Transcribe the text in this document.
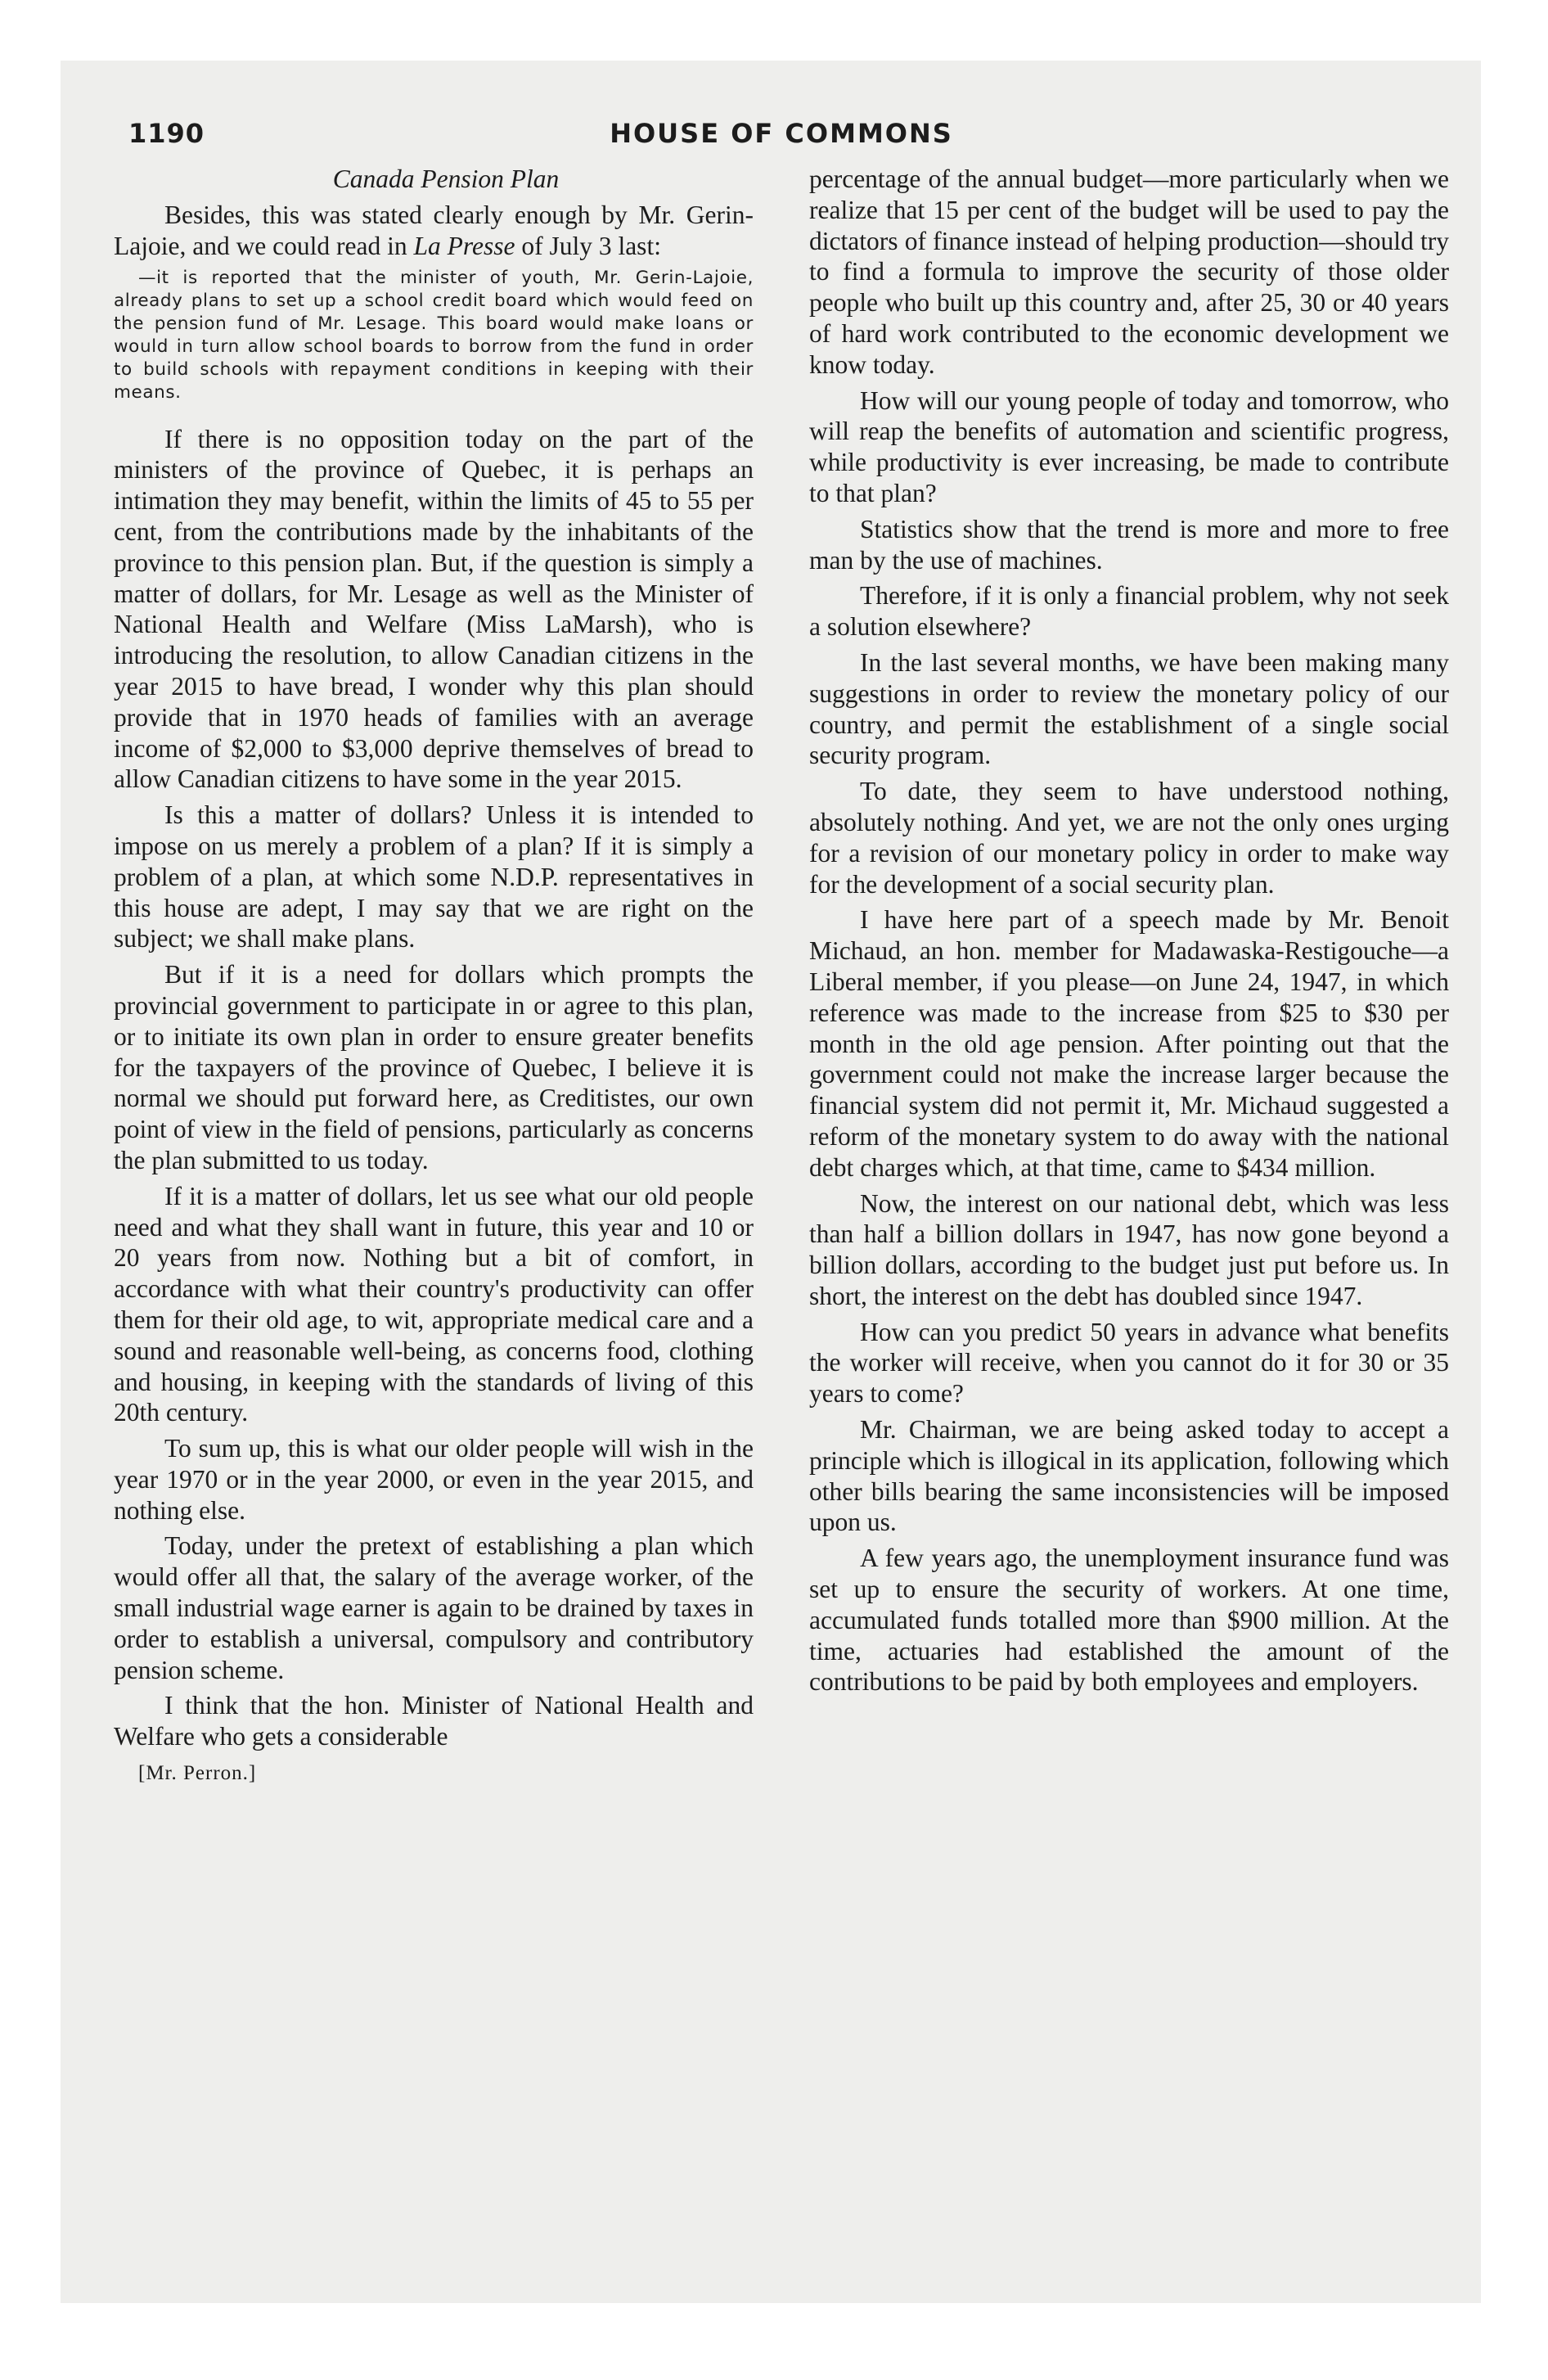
1190	HOUSE OF COMMONS
Canada Pension Plan

Besides, this was stated clearly enough by Mr. Gerin-Lajoie, and we could read in La Presse of July 3 last:

—it is reported that the minister of youth, Mr. Gerin-Lajoie, already plans to set up a school credit board which would feed on the pension fund of Mr. Lesage. This board would make loans or would in turn allow school boards to borrow from the fund in order to build schools with repayment conditions in keeping with their means.

If there is no opposition today on the part of the ministers of the province of Quebec, it is perhaps an intimation they may benefit, within the limits of 45 to 55 per cent, from the contributions made by the inhabitants of the province to this pension plan. But, if the question is simply a matter of dollars, for Mr. Lesage as well as the Minister of National Health and Welfare (Miss LaMarsh), who is introducing the resolution, to allow Canadian citizens in the year 2015 to have bread, I wonder why this plan should provide that in 1970 heads of families with an average income of $2,000 to $3,000 deprive themselves of bread to allow Canadian citizens to have some in the year 2015.

Is this a matter of dollars? Unless it is intended to impose on us merely a problem of a plan? If it is simply a problem of a plan, at which some N.D.P. representatives in this house are adept, I may say that we are right on the subject; we shall make plans.

But if it is a need for dollars which prompts the provincial government to participate in or agree to this plan, or to initiate its own plan in order to ensure greater benefits for the taxpayers of the province of Quebec, I believe it is normal we should put forward here, as Creditistes, our own point of view in the field of pensions, particularly as concerns the plan submitted to us today.

If it is a matter of dollars, let us see what our old people need and what they shall want in future, this year and 10 or 20 years from now. Nothing but a bit of comfort, in accordance with what their country's productivity can offer them for their old age, to wit, appropriate medical care and a sound and reasonable well-being, as concerns food, clothing and housing, in keeping with the standards of living of this 20th century.

To sum up, this is what our older people will wish in the year 1970 or in the year 2000, or even in the year 2015, and nothing else.

Today, under the pretext of establishing a plan which would offer all that, the salary of the average worker, of the small industrial wage earner is again to be drained by taxes in order to establish a universal, compulsory and contributory pension scheme.

I think that the hon. Minister of National Health and Welfare who gets a considerable

[Mr. Perron.]

percentage of the annual budget—more particularly when we realize that 15 per cent of the budget will be used to pay the dictators of finance instead of helping production—should try to find a formula to improve the security of those older people who built up this country and, after 25, 30 or 40 years of hard work contributed to the economic development we know today.

How will our young people of today and tomorrow, who will reap the benefits of automation and scientific progress, while productivity is ever increasing, be made to contribute to that plan?

Statistics show that the trend is more and more to free man by the use of machines.

Therefore, if it is only a financial problem, why not seek a solution elsewhere?

In the last several months, we have been making many suggestions in order to review the monetary policy of our country, and permit the establishment of a single social security program.

To date, they seem to have understood nothing, absolutely nothing. And yet, we are not the only ones urging for a revision of our monetary policy in order to make way for the development of a social security plan.

I have here part of a speech made by Mr. Benoit Michaud, an hon. member for Madawaska-Restigouche—a Liberal member, if you please—on June 24, 1947, in which reference was made to the increase from $25 to $30 per month in the old age pension. After pointing out that the government could not make the increase larger because the financial system did not permit it, Mr. Michaud suggested a reform of the monetary system to do away with the national debt charges which, at that time, came to $434 million.

Now, the interest on our national debt, which was less than half a billion dollars in 1947, has now gone beyond a billion dollars, according to the budget just put before us. In short, the interest on the debt has doubled since 1947.

How can you predict 50 years in advance what benefits the worker will receive, when you cannot do it for 30 or 35 years to come?

Mr. Chairman, we are being asked today to accept a principle which is illogical in its application, following which other bills bearing the same inconsistencies will be imposed upon us.

A few years ago, the unemployment insurance fund was set up to ensure the security of workers. At one time, accumulated funds totalled more than $900 million. At the time, actuaries had established the amount of the contributions to be paid by both employees and employers.
